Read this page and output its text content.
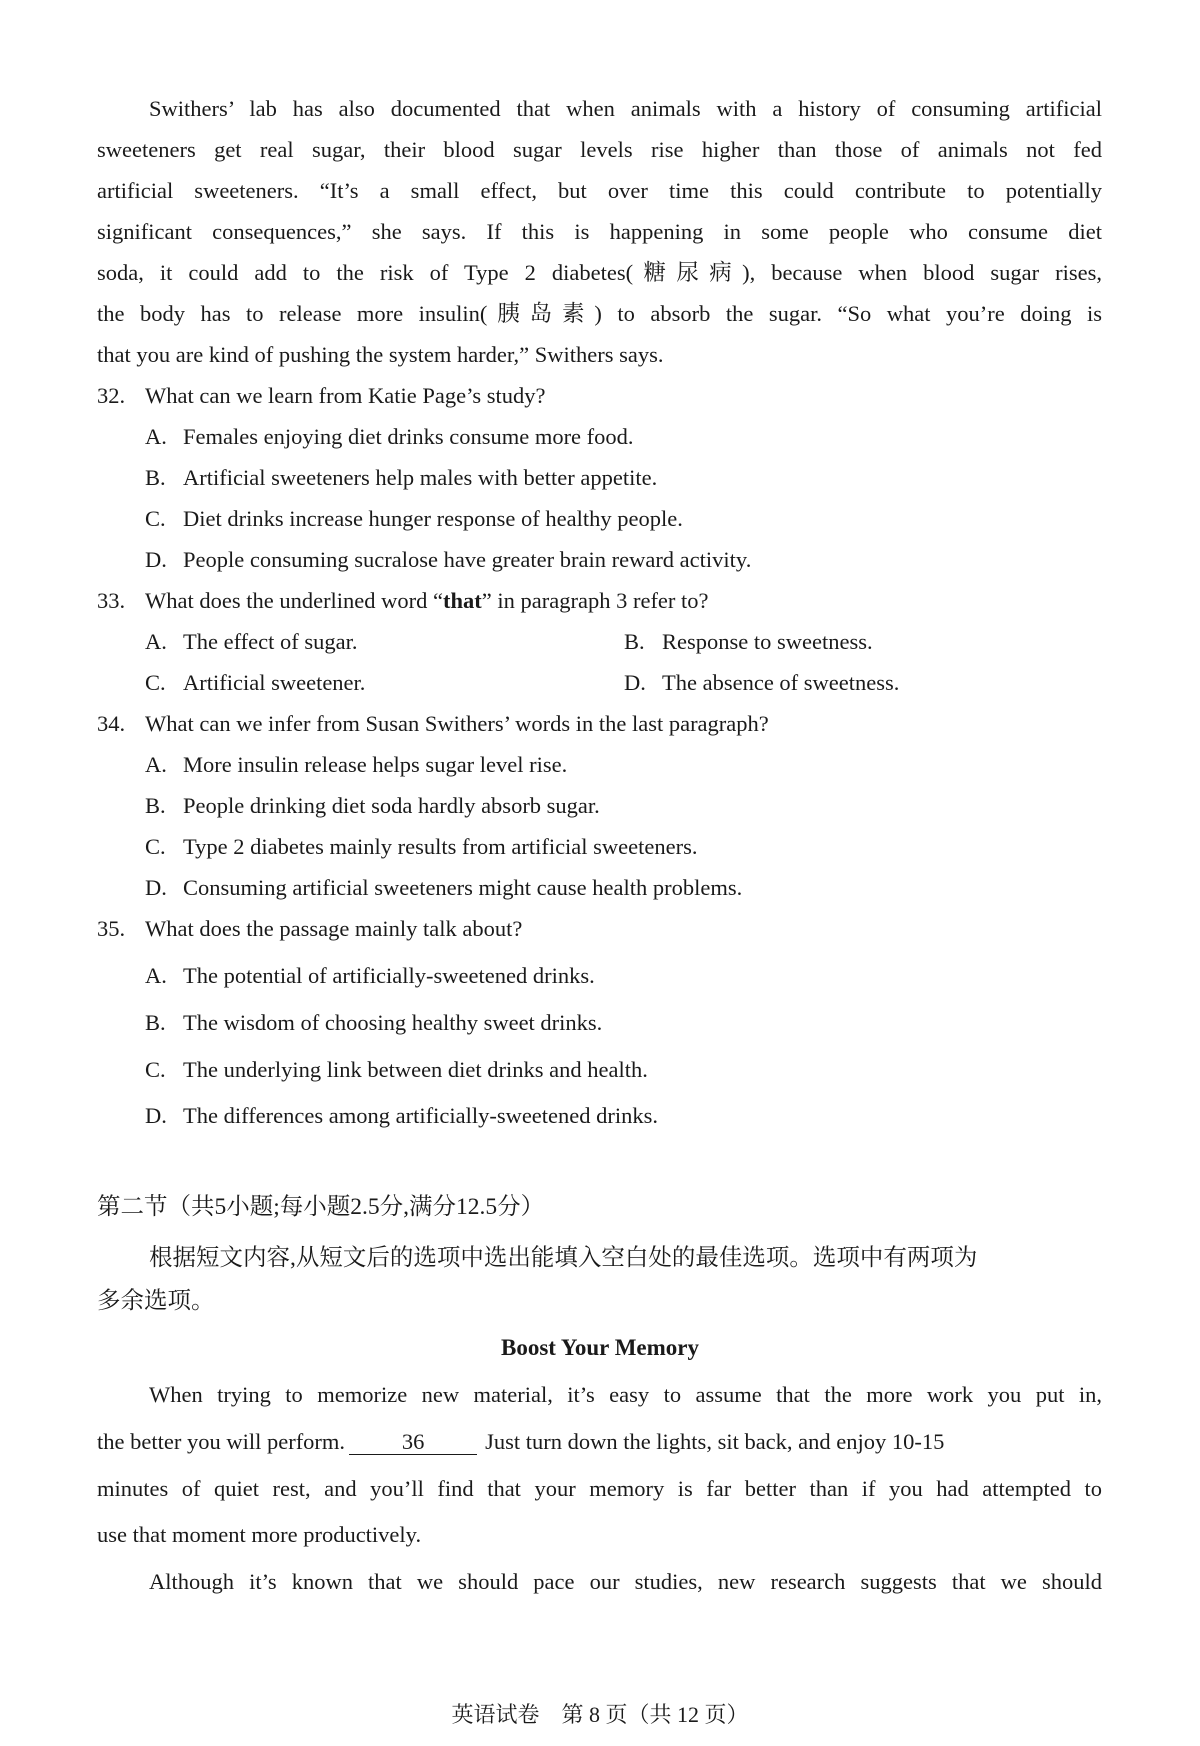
Swithers’ lab has also documented that when animals with a history of consuming artificial
sweeteners get real sugar, their blood sugar levels rise higher than those of animals not fed
artificial sweeteners. “It’s a small effect, but over time this could contribute to potentially
significant consequences,” she says. If this is happening in some people who consume diet
soda, it could add to the risk of Type 2 diabetes(糖尿病), because when blood sugar rises,
the body has to release more insulin(胰岛素) to absorb the sugar. “So what you’re doing is
that you are kind of pushing the system harder,” Swithers says.
32. What can we learn from Katie Page’s study?
A. Females enjoying diet drinks consume more food.
B. Artificial sweeteners help males with better appetite.
C. Diet drinks increase hunger response of healthy people.
D. People consuming sucralose have greater brain reward activity.
33. What does the underlined word “that” in paragraph 3 refer to?
A. The effect of sugar.	B. Response to sweetness.
C. Artificial sweetener.	D. The absence of sweetness.
34. What can we infer from Susan Swithers’ words in the last paragraph?
A. More insulin release helps sugar level rise.
B. People drinking diet soda hardly absorb sugar.
C. Type 2 diabetes mainly results from artificial sweeteners.
D. Consuming artificial sweeteners might cause health problems.
35. What does the passage mainly talk about?
A. The potential of artificially-sweetened drinks.
B. The wisdom of choosing healthy sweet drinks.
C. The underlying link between diet drinks and health.
D. The differences among artificially-sweetened drinks.
第二节（共5小题;每小题2.5分,满分12.5分）
根据短文内容,从短文后的选项中选出能填入空白处的最佳选项。选项中有两项为
多余选项。
Boost Your Memory
When trying to memorize new material, it’s easy to assume that the more work you put in,
the better you will perform.	36	Just turn down the lights, sit back, and enjoy 10-15
minutes of quiet rest, and you’ll find that your memory is far better than if you had attempted to
use that moment more productively.
Although it’s known that we should pace our studies, new research suggests that we should
英语试卷　第 8 页（共 12 页）
